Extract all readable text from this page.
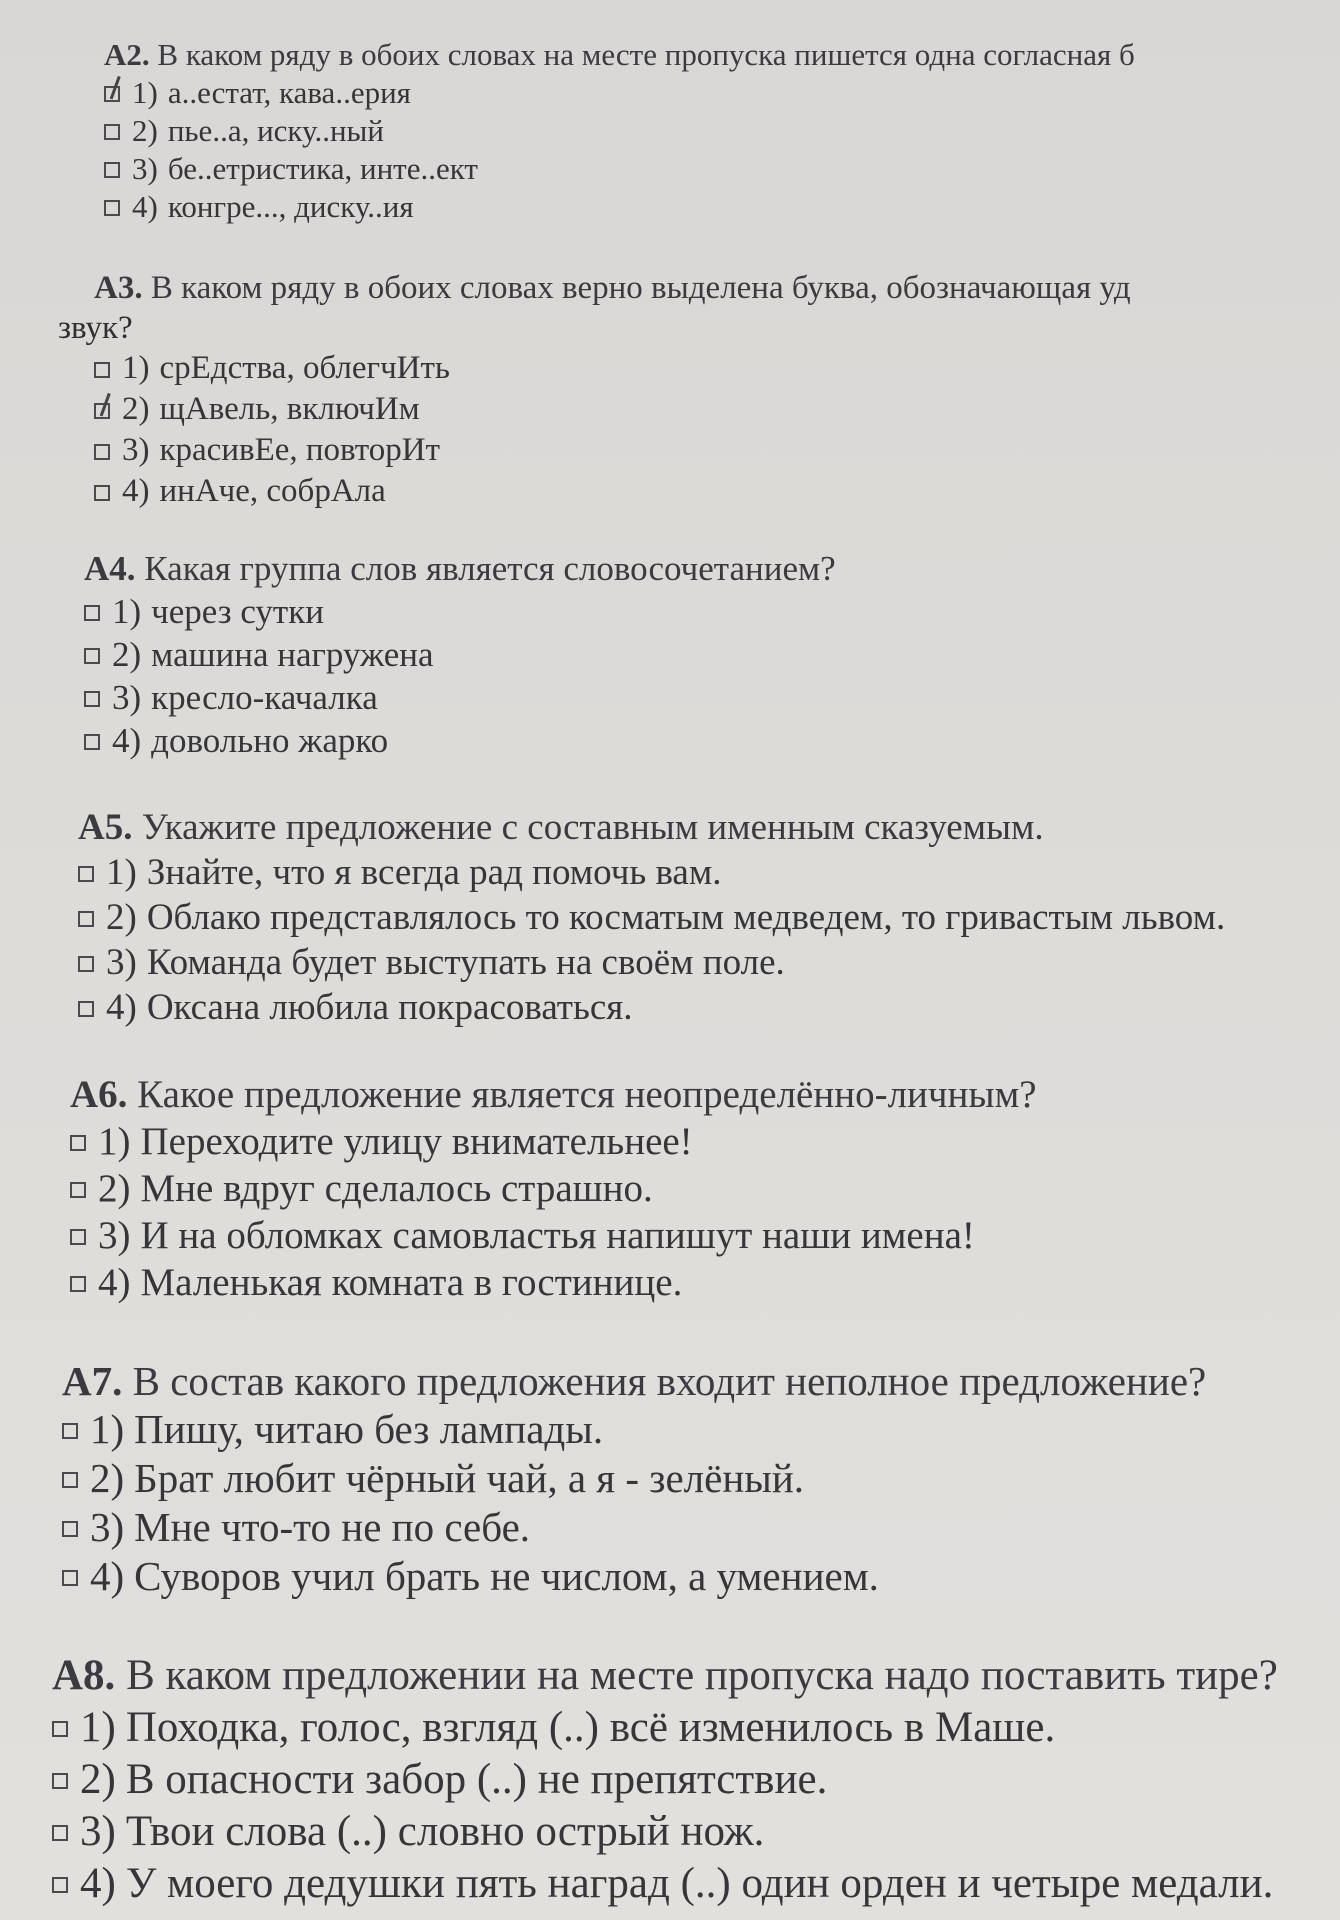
A2. В каком ряду в обоих словах на месте пропуска пишется одна согласная б

1) а..естат, кава..ерия
2) пье..а, иску..ный
3) бе..етристика, инте..ект
4) конгре..., диску..ия

A3. В каком ряду в обоих словах верно выделена буква, обозначающая уд

звук?

1) срЕдства, облегчИть
2) щАвель, включИм
3) красивЕе, повторИт
4) инАче, собрАла

A4. Какая группа слов является словосочетанием?

1) через сутки
2) машина нагружена
3) кресло-качалка
4) довольно жарко

A5. Укажите предложение с составным именным сказуемым.

1) Знайте, что я всегда рад помочь вам.
2) Облако представлялось то косматым медведем, то гривастым львом.
3) Команда будет выступать на своём поле.
4) Оксана любила покрасоваться.

A6. Какое предложение является неопределённо-личным?

1) Переходите улицу внимательнее!
2) Мне вдруг сделалось страшно.
3) И на обломках самовластья напишут наши имена!
4) Маленькая комната в гостинице.

A7. В состав какого предложения входит неполное предложение?

1) Пишу, читаю без лампады.
2) Брат любит чёрный чай, а я - зелёный.
3) Мне что-то не по себе.
4) Суворов учил брать не числом, а умением.

A8. В каком предложении на месте пропуска надо поставить тире?

1) Походка, голос, взгляд (..) всё изменилось в Маше.
2) В опасности забор (..) не препятствие.
3) Твои слова (..) словно острый нож.
4) У моего дедушки пять наград (..) один орден и четыре медали.
